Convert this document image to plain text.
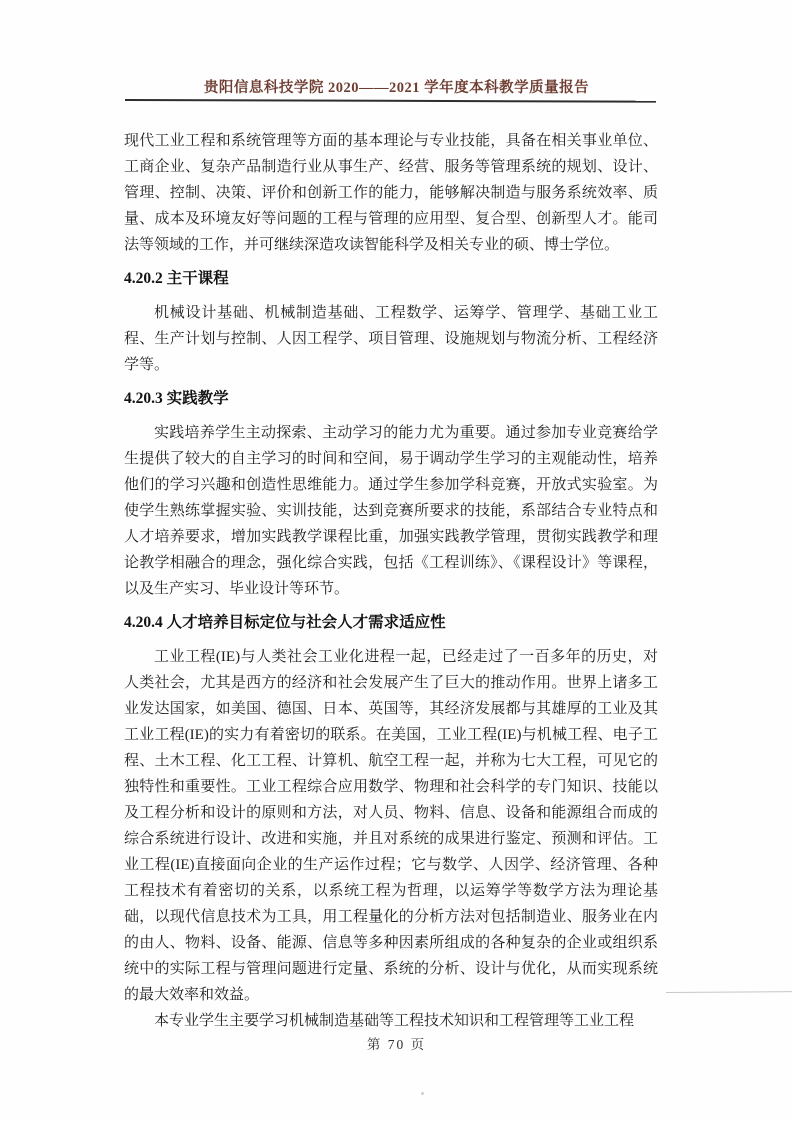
贵阳信息科技学院 2020——2021 学年度本科教学质量报告

现代工业工程和系统管理等方面的基本理论与专业技能，具备在相关事业单位、工商企业、复杂产品制造行业从事生产、经营、服务等管理系统的规划、设计、管理、控制、决策、评价和创新工作的能力，能够解决制造与服务系统效率、质量、成本及环境友好等问题的工程与管理的应用型、复合型、创新型人才。能司法等领域的工作，并可继续深造攻读智能科学及相关专业的硕、博士学位。

4.20.2 主干课程

机械设计基础、机械制造基础、工程数学、运筹学、管理学、基础工业工程、生产计划与控制、人因工程学、项目管理、设施规划与物流分析、工程经济学等。

4.20.3 实践教学

实践培养学生主动探索、主动学习的能力尤为重要。通过参加专业竞赛给学生提供了较大的自主学习的时间和空间，易于调动学生学习的主观能动性，培养他们的学习兴趣和创造性思维能力。通过学生参加学科竞赛，开放式实验室。为使学生熟练掌握实验、实训技能，达到竞赛所要求的技能，系部结合专业特点和人才培养要求，增加实践教学课程比重，加强实践教学管理，贯彻实践教学和理论教学相融合的理念，强化综合实践，包括《工程训练》、《课程设计》等课程，以及生产实习、毕业设计等环节。

4.20.4 人才培养目标定位与社会人才需求适应性

工业工程(IE)与人类社会工业化进程一起，已经走过了一百多年的历史，对人类社会，尤其是西方的经济和社会发展产生了巨大的推动作用。世界上诸多工业发达国家，如美国、德国、日本、英国等，其经济发展都与其雄厚的工业及其工业工程(IE)的实力有着密切的联系。在美国，工业工程(IE)与机械工程、电子工程、土木工程、化工工程、计算机、航空工程一起，并称为七大工程，可见它的独特性和重要性。工业工程综合应用数学、物理和社会科学的专门知识、技能以及工程分析和设计的原则和方法，对人员、物料、信息、设备和能源组合而成的综合系统进行设计、改进和实施，并且对系统的成果进行鉴定、预测和评估。工业工程(IE)直接面向企业的生产运作过程；它与数学、人因学、经济管理、各种工程技术有着密切的关系，以系统工程为哲理，以运筹学等数学方法为理论基础，以现代信息技术为工具，用工程量化的分析方法对包括制造业、服务业在内的由人、物料、设备、能源、信息等多种因素所组成的各种复杂的企业或组织系统中的实际工程与管理问题进行定量、系统的分析、设计与优化，从而实现系统的最大效率和效益。

本专业学生主要学习机械制造基础等工程技术知识和工程管理等工业工程

第 70 页
